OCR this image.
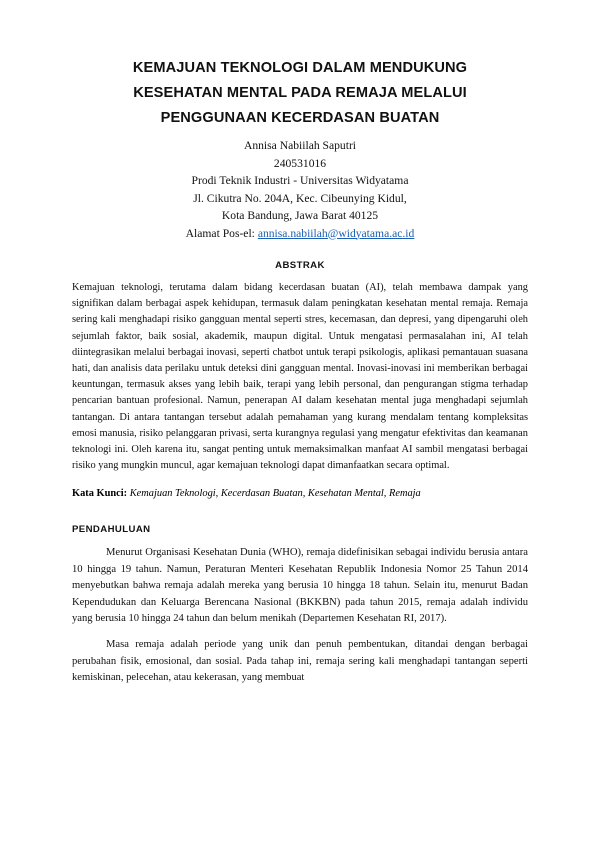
KEMAJUAN TEKNOLOGI DALAM MENDUKUNG
KESEHATAN MENTAL PADA REMAJA MELALUI
PENGGUNAAN KECERDASAN BUATAN
Annisa Nabiilah Saputri
240531016
Prodi Teknik Industri - Universitas Widyatama
Jl. Cikutra No. 204A, Kec. Cibeunying Kidul,
Kota Bandung, Jawa Barat 40125
Alamat Pos-el: annisa.nabiilah@widyatama.ac.id
ABSTRAK

Kemajuan teknologi, terutama dalam bidang kecerdasan buatan (AI), telah membawa dampak yang signifikan dalam berbagai aspek kehidupan, termasuk dalam peningkatan kesehatan mental remaja. Remaja sering kali menghadapi risiko gangguan mental seperti stres, kecemasan, dan depresi, yang dipengaruhi oleh sejumlah faktor, baik sosial, akademik, maupun digital. Untuk mengatasi permasalahan ini, AI telah diintegrasikan melalui berbagai inovasi, seperti chatbot untuk terapi psikologis, aplikasi pemantauan suasana hati, dan analisis data perilaku untuk deteksi dini gangguan mental. Inovasi-inovasi ini memberikan berbagai keuntungan, termasuk akses yang lebih baik, terapi yang lebih personal, dan pengurangan stigma terhadap pencarian bantuan profesional. Namun, penerapan AI dalam kesehatan mental juga menghadapi sejumlah tantangan. Di antara tantangan tersebut adalah pemahaman yang kurang mendalam tentang kompleksitas emosi manusia, risiko pelanggaran privasi, serta kurangnya regulasi yang mengatur efektivitas dan keamanan teknologi ini. Oleh karena itu, sangat penting untuk memaksimalkan manfaat AI sambil mengatasi berbagai risiko yang mungkin muncul, agar kemajuan teknologi dapat dimanfaatkan secara optimal.

Kata Kunci: Kemajuan Teknologi, Kecerdasan Buatan, Kesehatan Mental, Remaja
PENDAHULUAN

Menurut Organisasi Kesehatan Dunia (WHO), remaja didefinisikan sebagai individu berusia antara 10 hingga 19 tahun. Namun, Peraturan Menteri Kesehatan Republik Indonesia Nomor 25 Tahun 2014 menyebutkan bahwa remaja adalah mereka yang berusia 10 hingga 18 tahun. Selain itu, menurut Badan Kependudukan dan Keluarga Berencana Nasional (BKKBN) pada tahun 2015, remaja adalah individu yang berusia 10 hingga 24 tahun dan belum menikah (Departemen Kesehatan RI, 2017).

Masa remaja adalah periode yang unik dan penuh pembentukan, ditandai dengan berbagai perubahan fisik, emosional, dan sosial. Pada tahap ini, remaja sering kali menghadapi tantangan seperti kemiskinan, pelecehan, atau kekerasan, yang membuat
